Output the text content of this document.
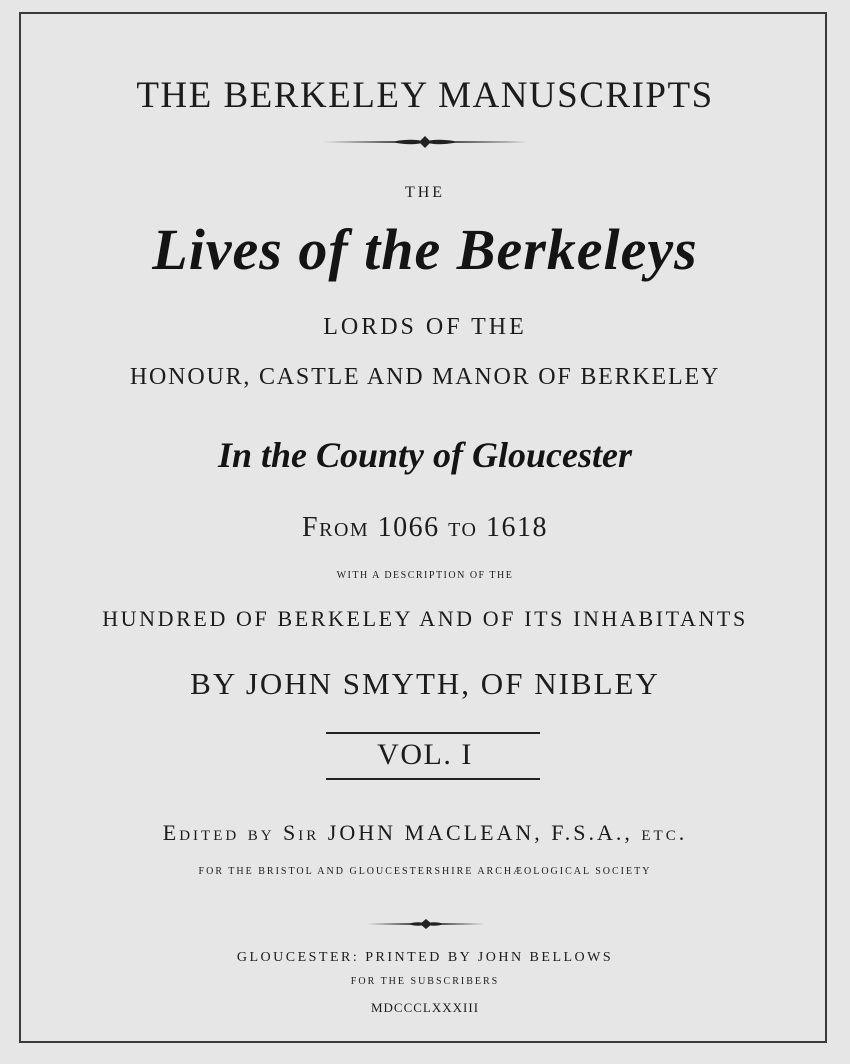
THE BERKELEY MANUSCRIPTS
THE
Lives of the Berkeleys
LORDS OF THE
HONOUR, CASTLE AND MANOR OF BERKELEY
In the County of Gloucester
From 1066 to 1618
WITH A DESCRIPTION OF THE
HUNDRED OF BERKELEY AND OF ITS INHABITANTS
BY JOHN SMYTH, OF NIBLEY
VOL. I
Edited by Sir JOHN MACLEAN, F.S.A., etc.
FOR THE BRISTOL AND GLOUCESTERSHIRE ARCHÆOLOGICAL SOCIETY
GLOUCESTER: PRINTED BY JOHN BELLOWS
FOR THE SUBSCRIBERS
MDCCCLXXXIII
